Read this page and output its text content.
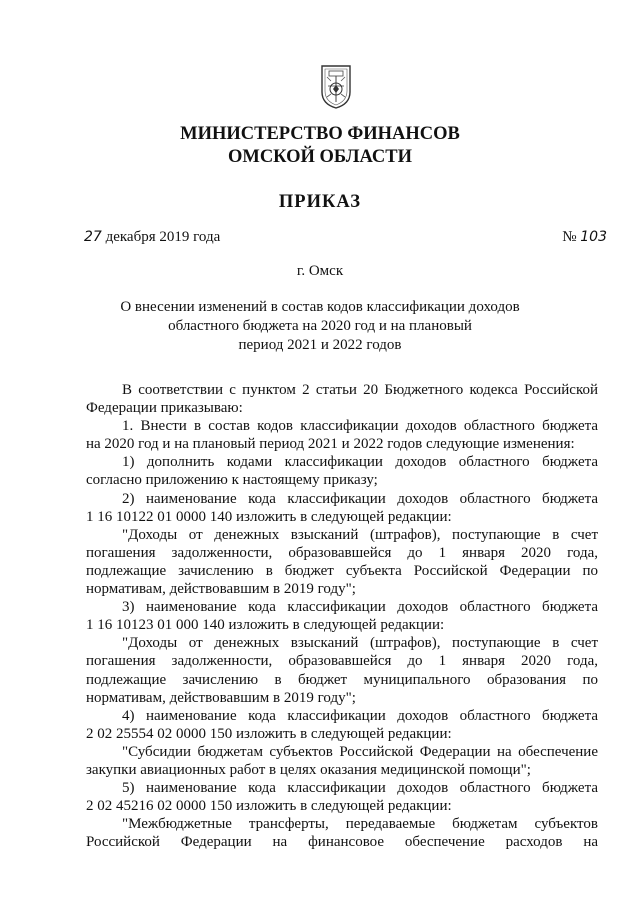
МИНИСТЕРСТВО ФИНАНСОВ
ОМСКОЙ ОБЛАСТИ
ПРИКАЗ
27 декабря 2019 года	№ 103
г. Омск
О внесении изменений в состав кодов классификации доходов
областного бюджета на 2020 год и на плановый
период 2021 и 2022 годов
В соответствии с пунктом 2 статьи 20 Бюджетного кодекса Российской
Федерации приказываю:
1. Внести в состав кодов классификации доходов областного бюджета
на 2020 год и на плановый период 2021 и 2022 годов следующие изменения:
1) дополнить кодами классификации доходов областного бюджета
согласно приложению к настоящему приказу;
2) наименование кода классификации доходов областного бюджета
1 16 10122 01 0000 140 изложить в следующей редакции:
"Доходы от денежных взысканий (штрафов), поступающие в счет
погашения задолженности, образовавшейся до 1 января 2020 года,
подлежащие зачислению в бюджет субъекта Российской Федерации по
нормативам, действовавшим в 2019 году";
3) наименование кода классификации доходов областного бюджета
1 16 10123 01 000 140 изложить в следующей редакции:
"Доходы от денежных взысканий (штрафов), поступающие в счет
погашения задолженности, образовавшейся до 1 января 2020 года,
подлежащие зачислению в бюджет муниципального образования по
нормативам, действовавшим в 2019 году";
4) наименование кода классификации доходов областного бюджета
2 02 25554 02 0000 150 изложить в следующей редакции:
"Субсидии бюджетам субъектов Российской Федерации на обеспечение
закупки авиационных работ в целях оказания медицинской помощи";
5) наименование кода классификации доходов областного бюджета
2 02 45216 02 0000 150 изложить в следующей редакции:
"Межбюджетные трансферты, передаваемые бюджетам субъектов
Российской Федерации на финансовое обеспечение расходов на
